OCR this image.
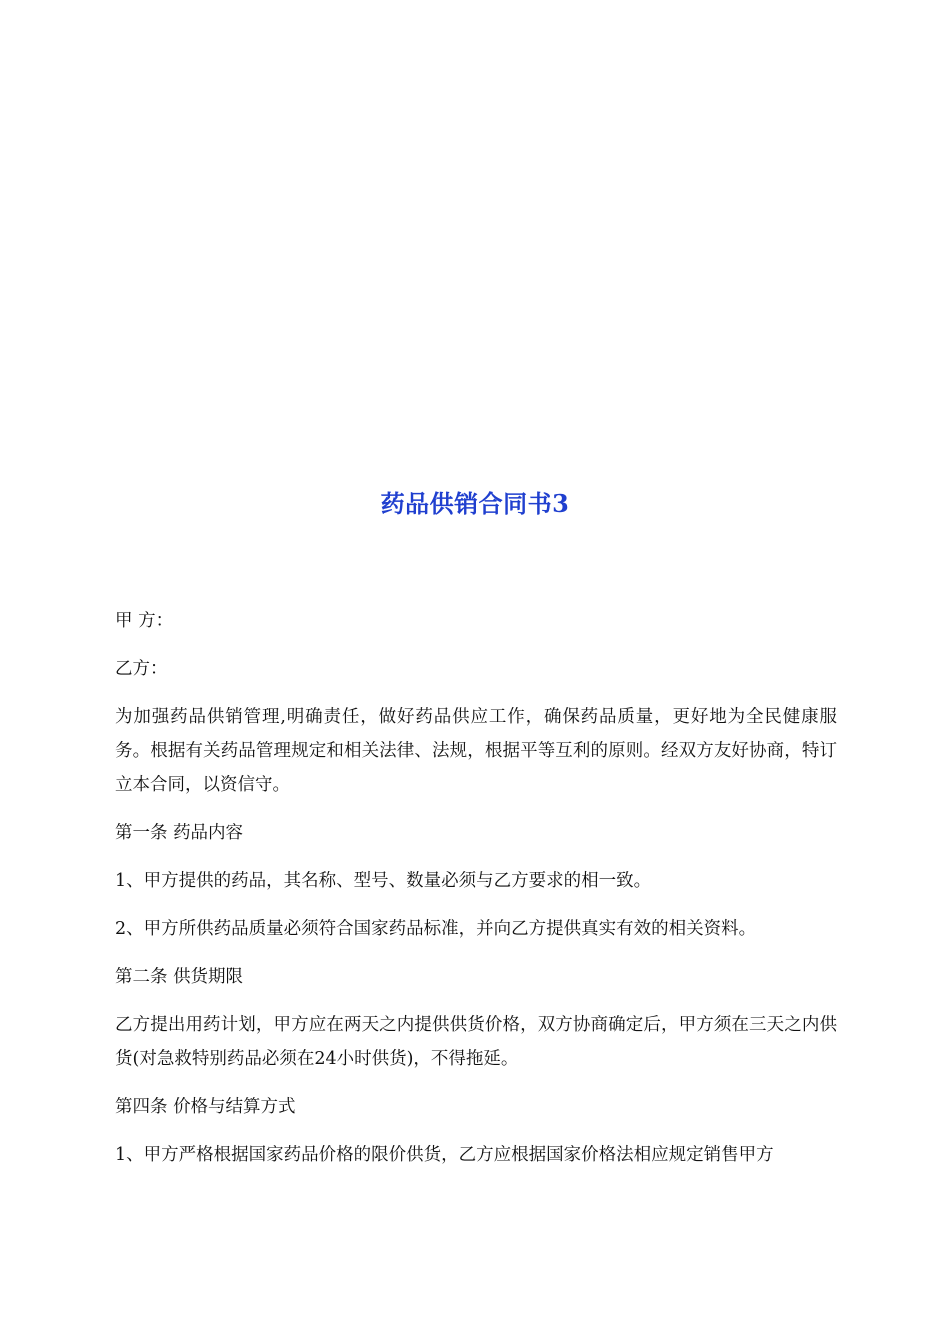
药品供销合同书3

甲 方：

乙方：

为加强药品供销管理,明确责任，做好药品供应工作，确保药品质量，更好地为全民健康服务。根据有关药品管理规定和相关法律、法规，根据平等互利的原则。经双方友好协商，特订立本合同，以资信守。

第一条 药品内容

1、甲方提供的药品，其名称、型号、数量必须与乙方要求的相一致。

2、甲方所供药品质量必须符合国家药品标准，并向乙方提供真实有效的相关资料。

第二条 供货期限

乙方提出用药计划，甲方应在两天之内提供供货价格，双方协商确定后，甲方须在三天之内供货(对急救特别药品必须在24小时供货)，不得拖延。

第四条 价格与结算方式

1、甲方严格根据国家药品价格的限价供货，乙方应根据国家价格法相应规定销售甲方
